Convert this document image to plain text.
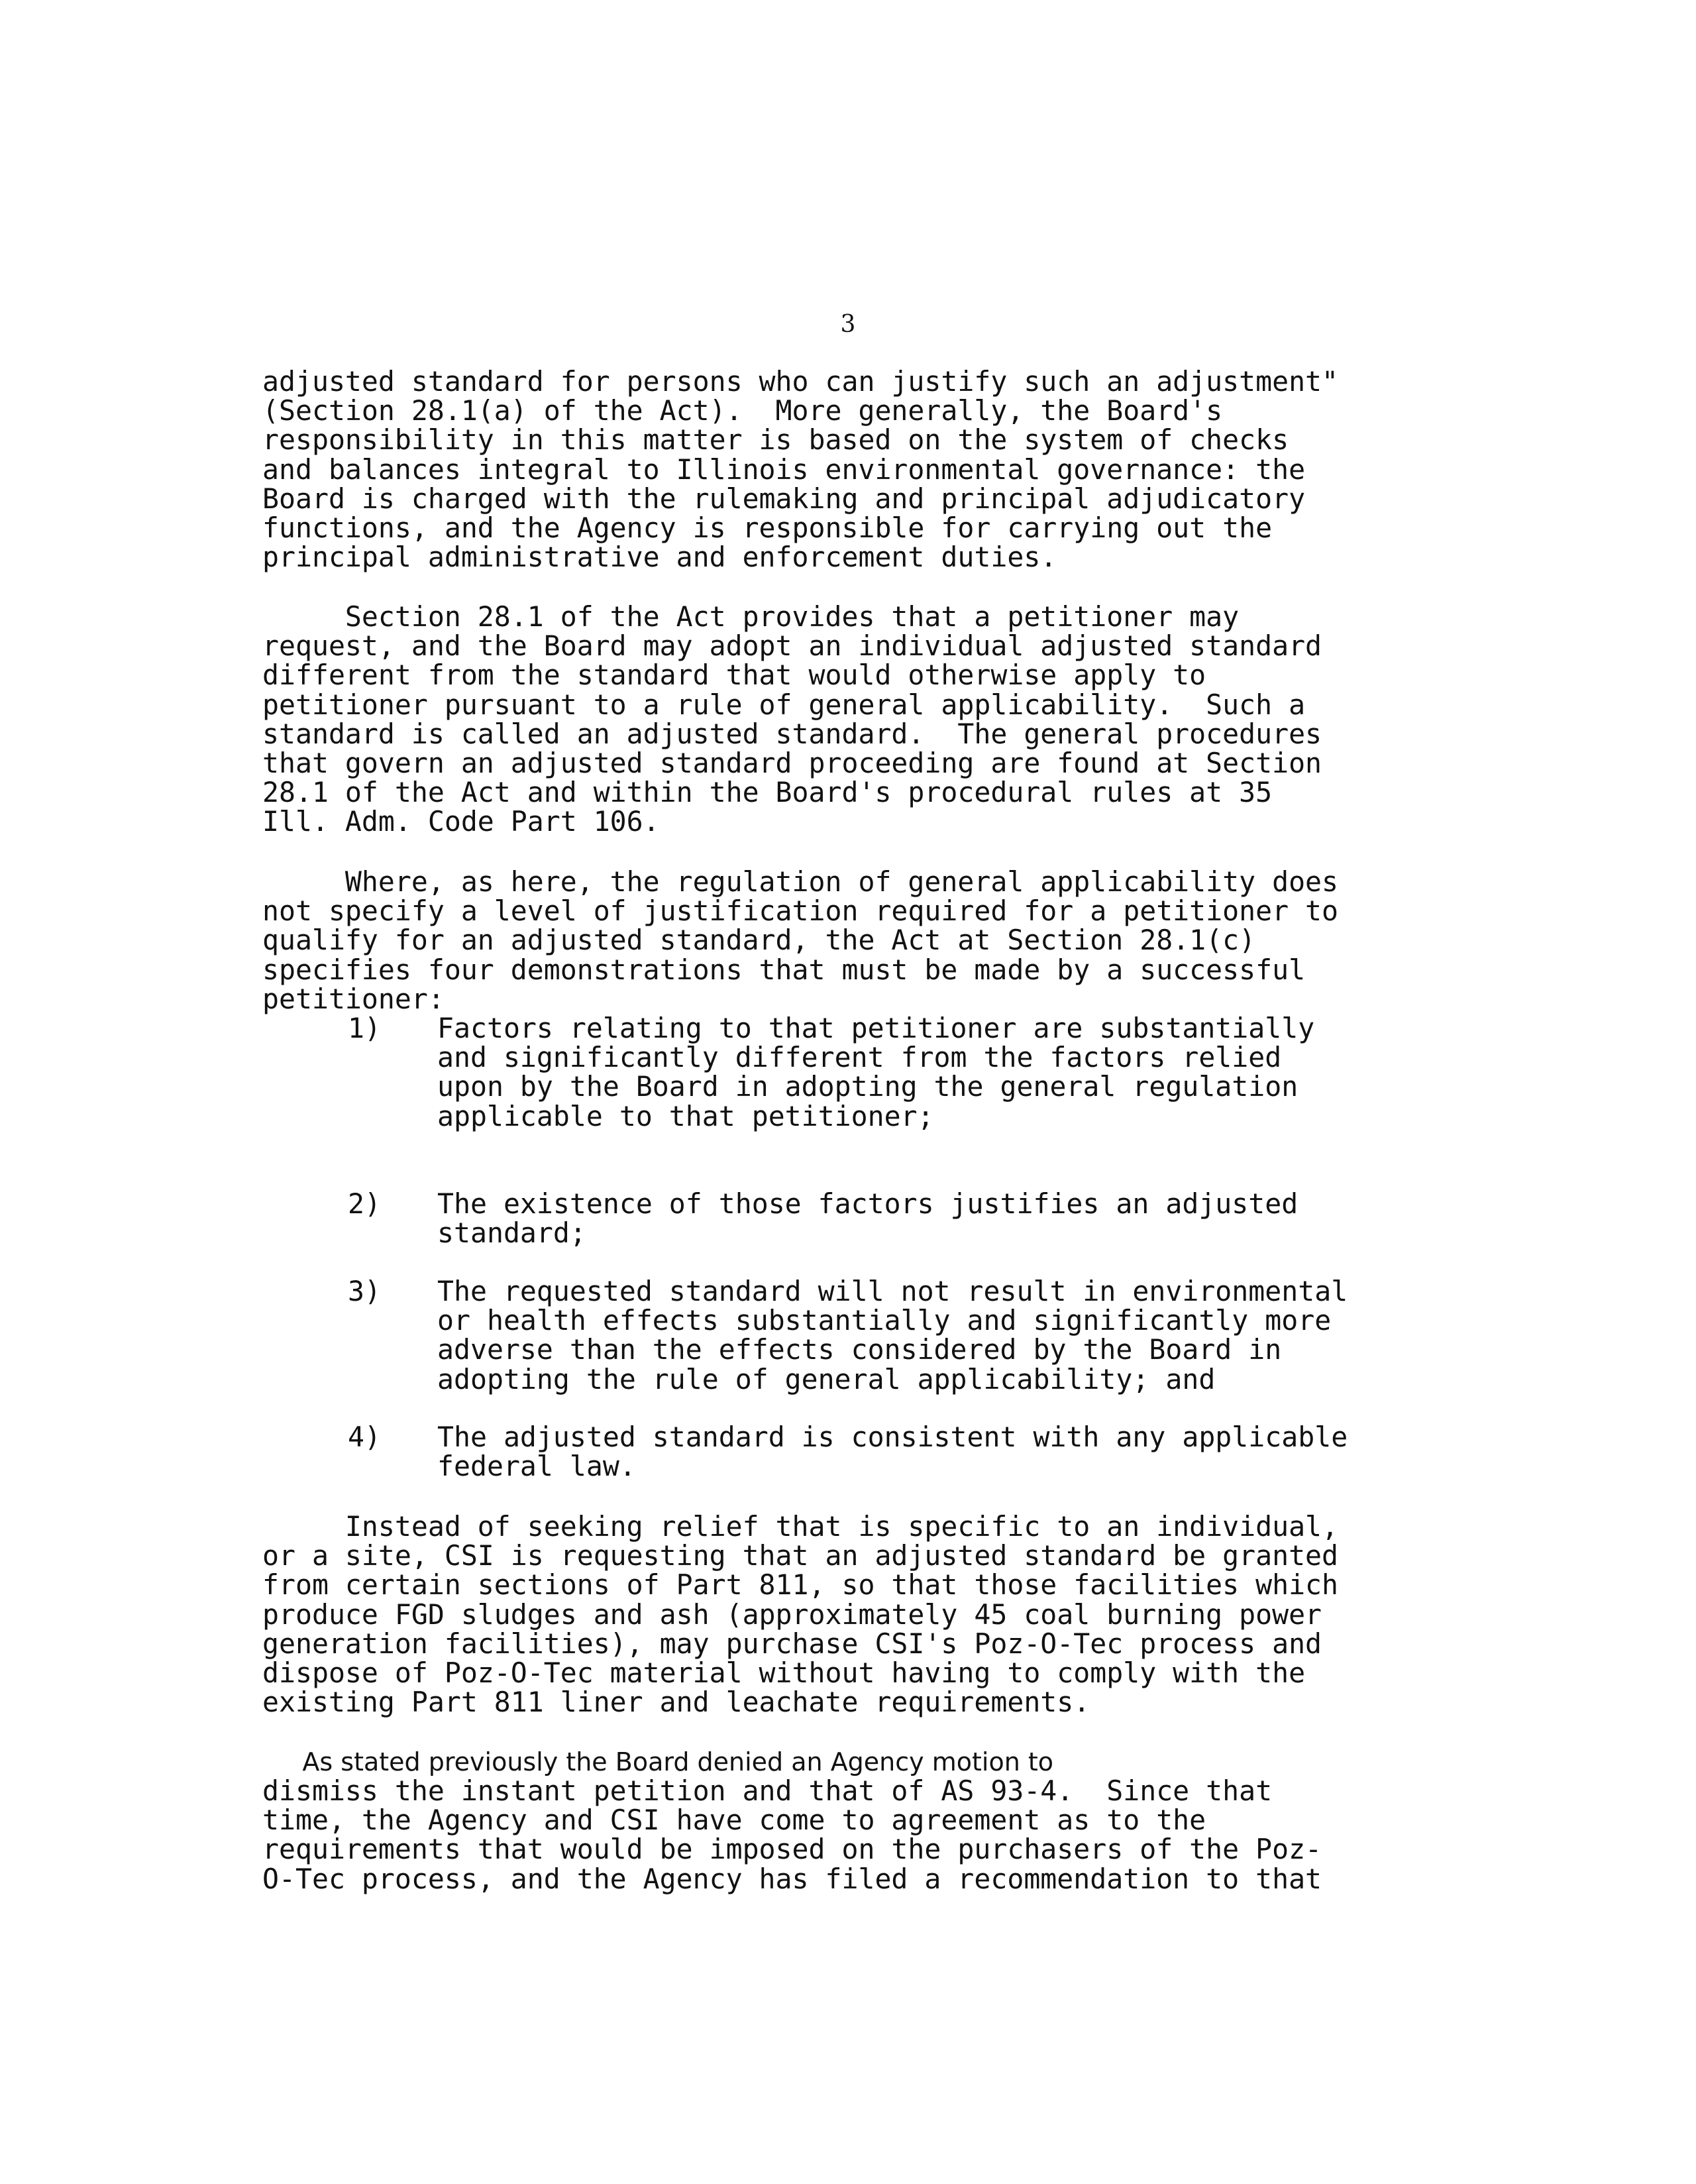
3

adjusted standard for persons who can justify such an adjustment"
(Section 28.1(a) of the Act).  More generally, the Board's
responsibility in this matter is based on the system of checks
and balances integral to Illinois environmental governance: the
Board is charged with the rulemaking and principal adjudicatory
functions, and the Agency is responsible for carrying out the
principal administrative and enforcement duties.

Section 28.1 of the Act provides that a petitioner may
request, and the Board may adopt an individual adjusted standard
different from the standard that would otherwise apply to
petitioner pursuant to a rule of general applicability.  Such a
standard is called an adjusted standard.  The general procedures
that govern an adjusted standard proceeding are found at Section
28.1 of the Act and within the Board's procedural rules at 35
Ill. Adm. Code Part 106.

Where, as here, the regulation of general applicability does
not specify a level of justification required for a petitioner to
qualify for an adjusted standard, the Act at Section 28.1(c)
specifies four demonstrations that must be made by a successful
petitioner:

1) Factors relating to that petitioner are substantially
and significantly different from the factors relied
upon by the Board in adopting the general regulation
applicable to that petitioner;

2) The existence of those factors justifies an adjusted
standard;

3) The requested standard will not result in environmental
or health effects substantially and significantly more
adverse than the effects considered by the Board in
adopting the rule of general applicability; and

4) The adjusted standard is consistent with any applicable
federal law.

Instead of seeking relief that is specific to an individual,
or a site, CSI is requesting that an adjusted standard be granted
from certain sections of Part 811, so that those facilities which
produce FGD sludges and ash (approximately 45 coal burning power
generation facilities), may purchase CSI's Poz-O-Tec process and
dispose of Poz-O-Tec material without having to comply with the
existing Part 811 liner and leachate requirements.

As stated previously the Board denied an Agency motion to

dismiss the instant petition and that of AS 93-4.  Since that
time, the Agency and CSI have come to agreement as to the
requirements that would be imposed on the purchasers of the Poz-
O-Tec process, and the Agency has filed a recommendation to that
